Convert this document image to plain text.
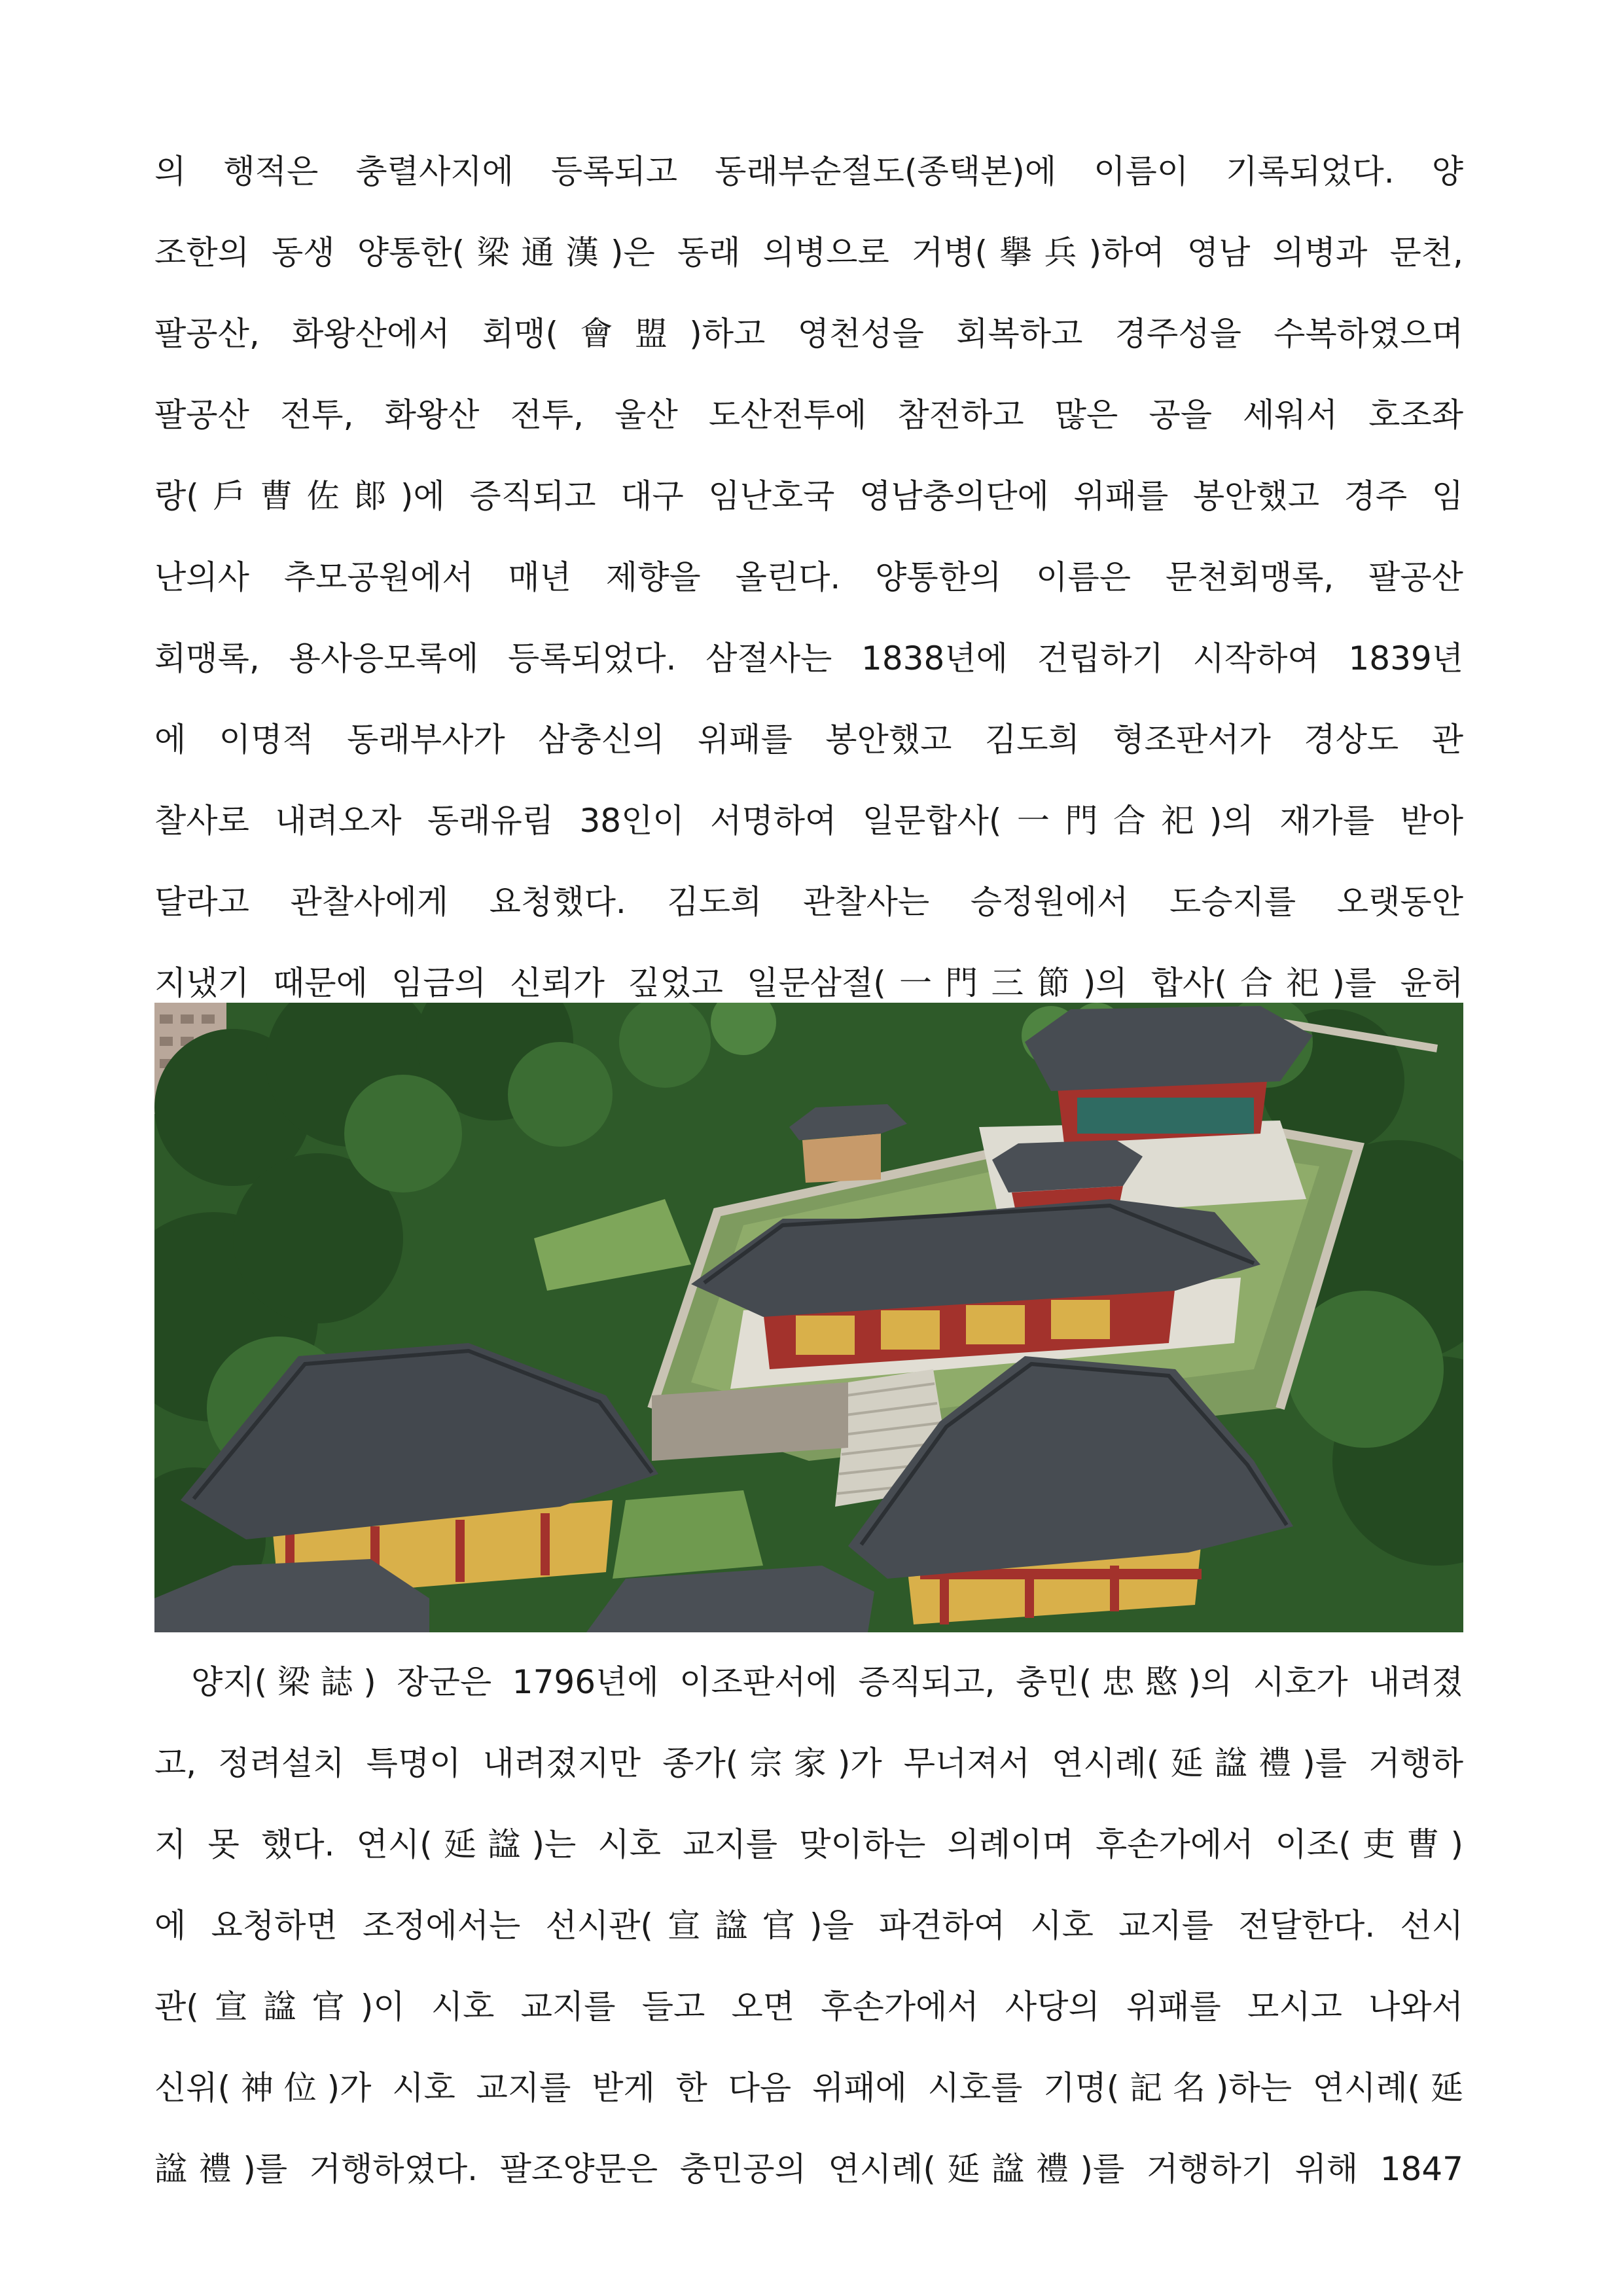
의 행적은 충렬사지에 등록되고 동래부순절도(종택본)에 이름이 기록되었다. 양
조한의 동생 양통한(梁通漢)은 동래 의병으로 거병(擧兵)하여 영남 의병과 문천,
팔공산, 화왕산에서 회맹(會盟)하고 영천성을 회복하고 경주성을 수복하였으며
팔공산 전투, 화왕산 전투, 울산 도산전투에 참전하고 많은 공을 세워서 호조좌
랑(戶曹佐郞)에 증직되고 대구 임난호국 영남충의단에 위패를 봉안했고 경주 임
난의사 추모공원에서 매년 제향을 올린다. 양통한의 이름은 문천회맹록, 팔공산
회맹록, 용사응모록에 등록되었다. 삼절사는 1838년에 건립하기 시작하여 1839년
에 이명적 동래부사가 삼충신의 위패를 봉안했고 김도희 형조판서가 경상도 관
찰사로 내려오자 동래유림 38인이 서명하여 일문합사(一門合祀)의 재가를 받아
달라고 관찰사에게 요청했다. 김도희 관찰사는 승정원에서 도승지를 오랫동안
지냈기 때문에 임금의 신뢰가 깊었고 일문삼절(一門三節)의 합사(合祀)를 윤허
양지(梁誌) 장군은 1796년에 이조판서에 증직되고, 충민(忠愍)의 시호가 내려졌
고, 정려설치 특명이 내려졌지만 종가(宗家)가 무너져서 연시례(延諡禮)를 거행하
지 못 했다. 연시(延諡)는 시호 교지를 맞이하는 의례이며 후손가에서 이조(吏曹)
에 요청하면 조정에서는 선시관(宣諡官)을 파견하여 시호 교지를 전달한다. 선시
관(宣諡官)이 시호 교지를 들고 오면 후손가에서 사당의 위패를 모시고 나와서
신위(神位)가 시호 교지를 받게 한 다음 위패에 시호를 기명(記名)하는 연시례(延
諡禮)를 거행하였다. 팔조양문은 충민공의 연시례(延諡禮)를 거행하기 위해 1847
